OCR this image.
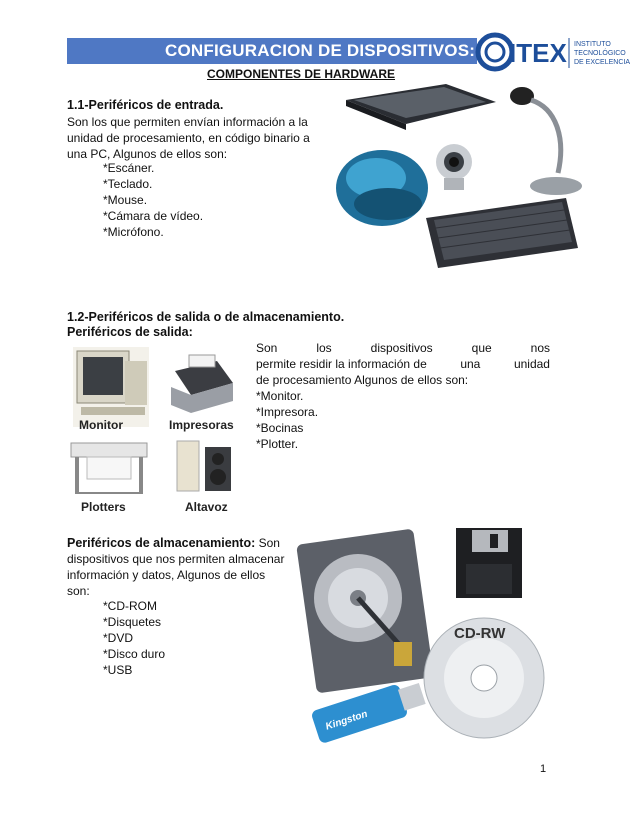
CONFIGURACION DE DISPOSITIVOS: ITEX INSTITUTO
TECNOLÓGICO
DE EXCELENCIA
COMPONENTES DE HARDWARE
1.1-Periféricos de entrada.
Son los que permiten envían información a la
unidad de procesamiento, en código binario a
una PC, Algunos de ellos son:
*Escáner.
*Teclado.
*Mouse.
*Cámara de vídeo.
*Micrófono.
1.2-Periféricos de salida o de almacenamiento.
Periféricos de salida:
Son	los	dispositivos	que	nos
permite residir la información de	una	unidad
de procesamiento Algunos de ellos son:
*Monitor.
*Impresora.
*Bocinas
*Plotter.
Monitor	Impresoras
Plotters	Altavoz
Periféricos de almacenamiento: Son
dispositivos que nos permiten almacenar
información y datos, Algunos de ellos
son:
*CD-ROM
*Disquetes
*DVD
*Disco duro
*USB
CD-RW
Kingston
1
